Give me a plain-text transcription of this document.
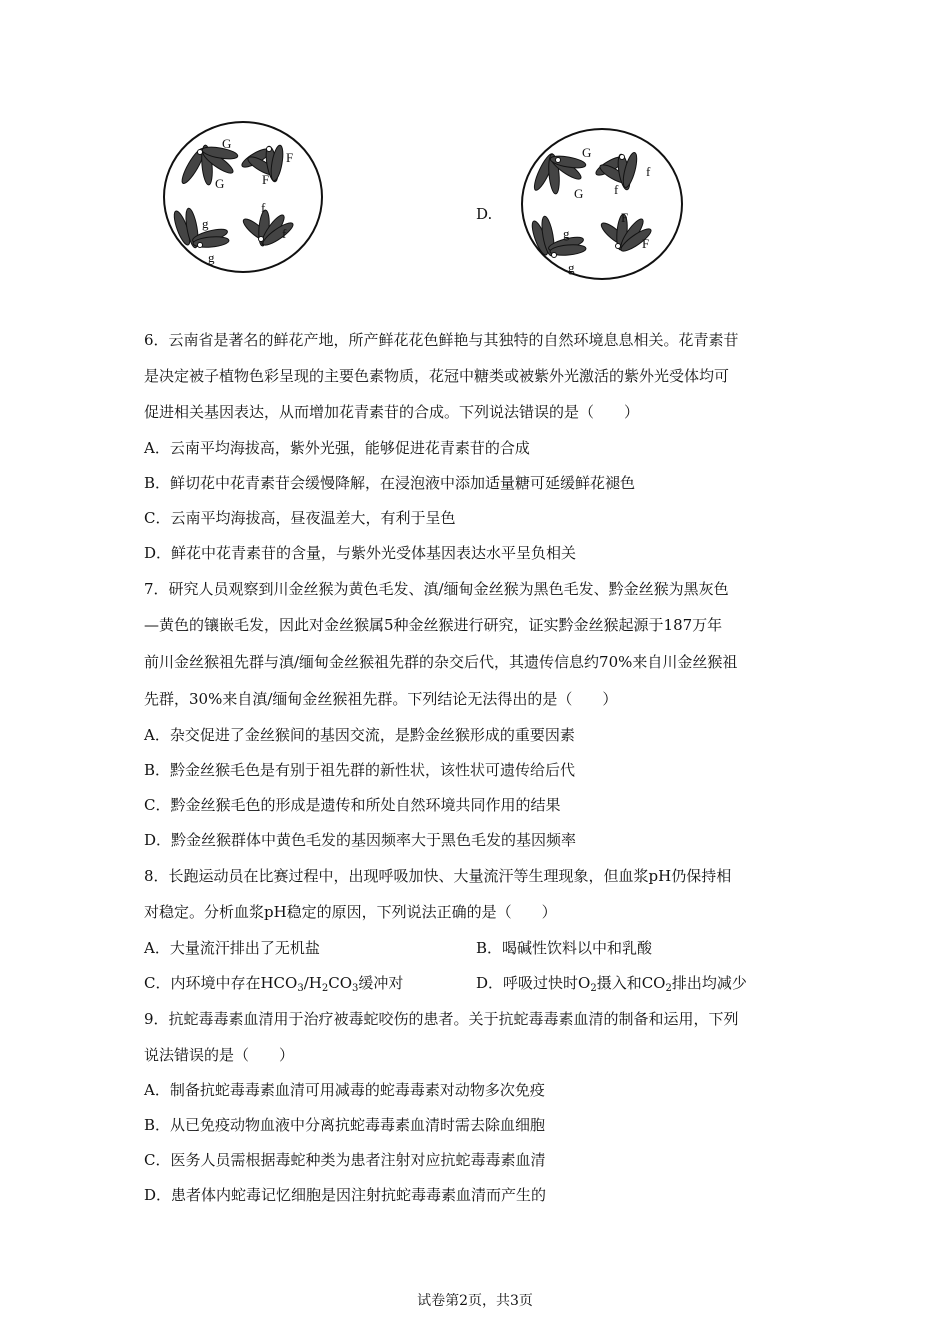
G
G
F
F
g
g
f
f
D.
G
G
f
f
g
g
F
F
6．云南省是著名的鲜花产地，所产鲜花花色鲜艳与其独特的自然环境息息相关。花青素苷
是决定被子植物色彩呈现的主要色素物质，花冠中糖类或被紫外光激活的紫外光受体均可
促进相关基因表达，从而增加花青素苷的合成。下列说法错误的是（　　）
A．云南平均海拔高，紫外光强，能够促进花青素苷的合成
B．鲜切花中花青素苷会缓慢降解，在浸泡液中添加适量糖可延缓鲜花褪色
C．云南平均海拔高，昼夜温差大，有利于呈色
D．鲜花中花青素苷的含量，与紫外光受体基因表达水平呈负相关
7．研究人员观察到川金丝猴为黄色毛发、滇/缅甸金丝猴为黑色毛发、黔金丝猴为黑灰色
—黄色的镶嵌毛发，因此对金丝猴属5种金丝猴进行研究，证实黔金丝猴起源于187万年
前川金丝猴祖先群与滇/缅甸金丝猴祖先群的杂交后代，其遗传信息约70%来自川金丝猴祖
先群，30%来自滇/缅甸金丝猴祖先群。下列结论无法得出的是（　　）
A．杂交促进了金丝猴间的基因交流，是黔金丝猴形成的重要因素
B．黔金丝猴毛色是有别于祖先群的新性状，该性状可遗传给后代
C．黔金丝猴毛色的形成是遗传和所处自然环境共同作用的结果
D．黔金丝猴群体中黄色毛发的基因频率大于黑色毛发的基因频率
8．长跑运动员在比赛过程中，出现呼吸加快、大量流汗等生理现象，但血浆pH仍保持相
对稳定。分析血浆pH稳定的原因，下列说法正确的是（　　）
A．大量流汗排出了无机盐	B．喝碱性饮料以中和乳酸
C．内环境中存在$HCO_3/H_2CO_3$缓冲对	D．呼吸过快时$O_2$摄入和$CO_2$排出均减少
9．抗蛇毒毒素血清用于治疗被毒蛇咬伤的患者。关于抗蛇毒毒素血清的制备和运用，下列
说法错误的是（　　）
A．制备抗蛇毒毒素血清可用减毒的蛇毒毒素对动物多次免疫
B．从已免疫动物血液中分离抗蛇毒毒素血清时需去除血细胞
C．医务人员需根据毒蛇种类为患者注射对应抗蛇毒毒素血清
D．患者体内蛇毒记忆细胞是因注射抗蛇毒毒素血清而产生的
试卷第2页，共3页
